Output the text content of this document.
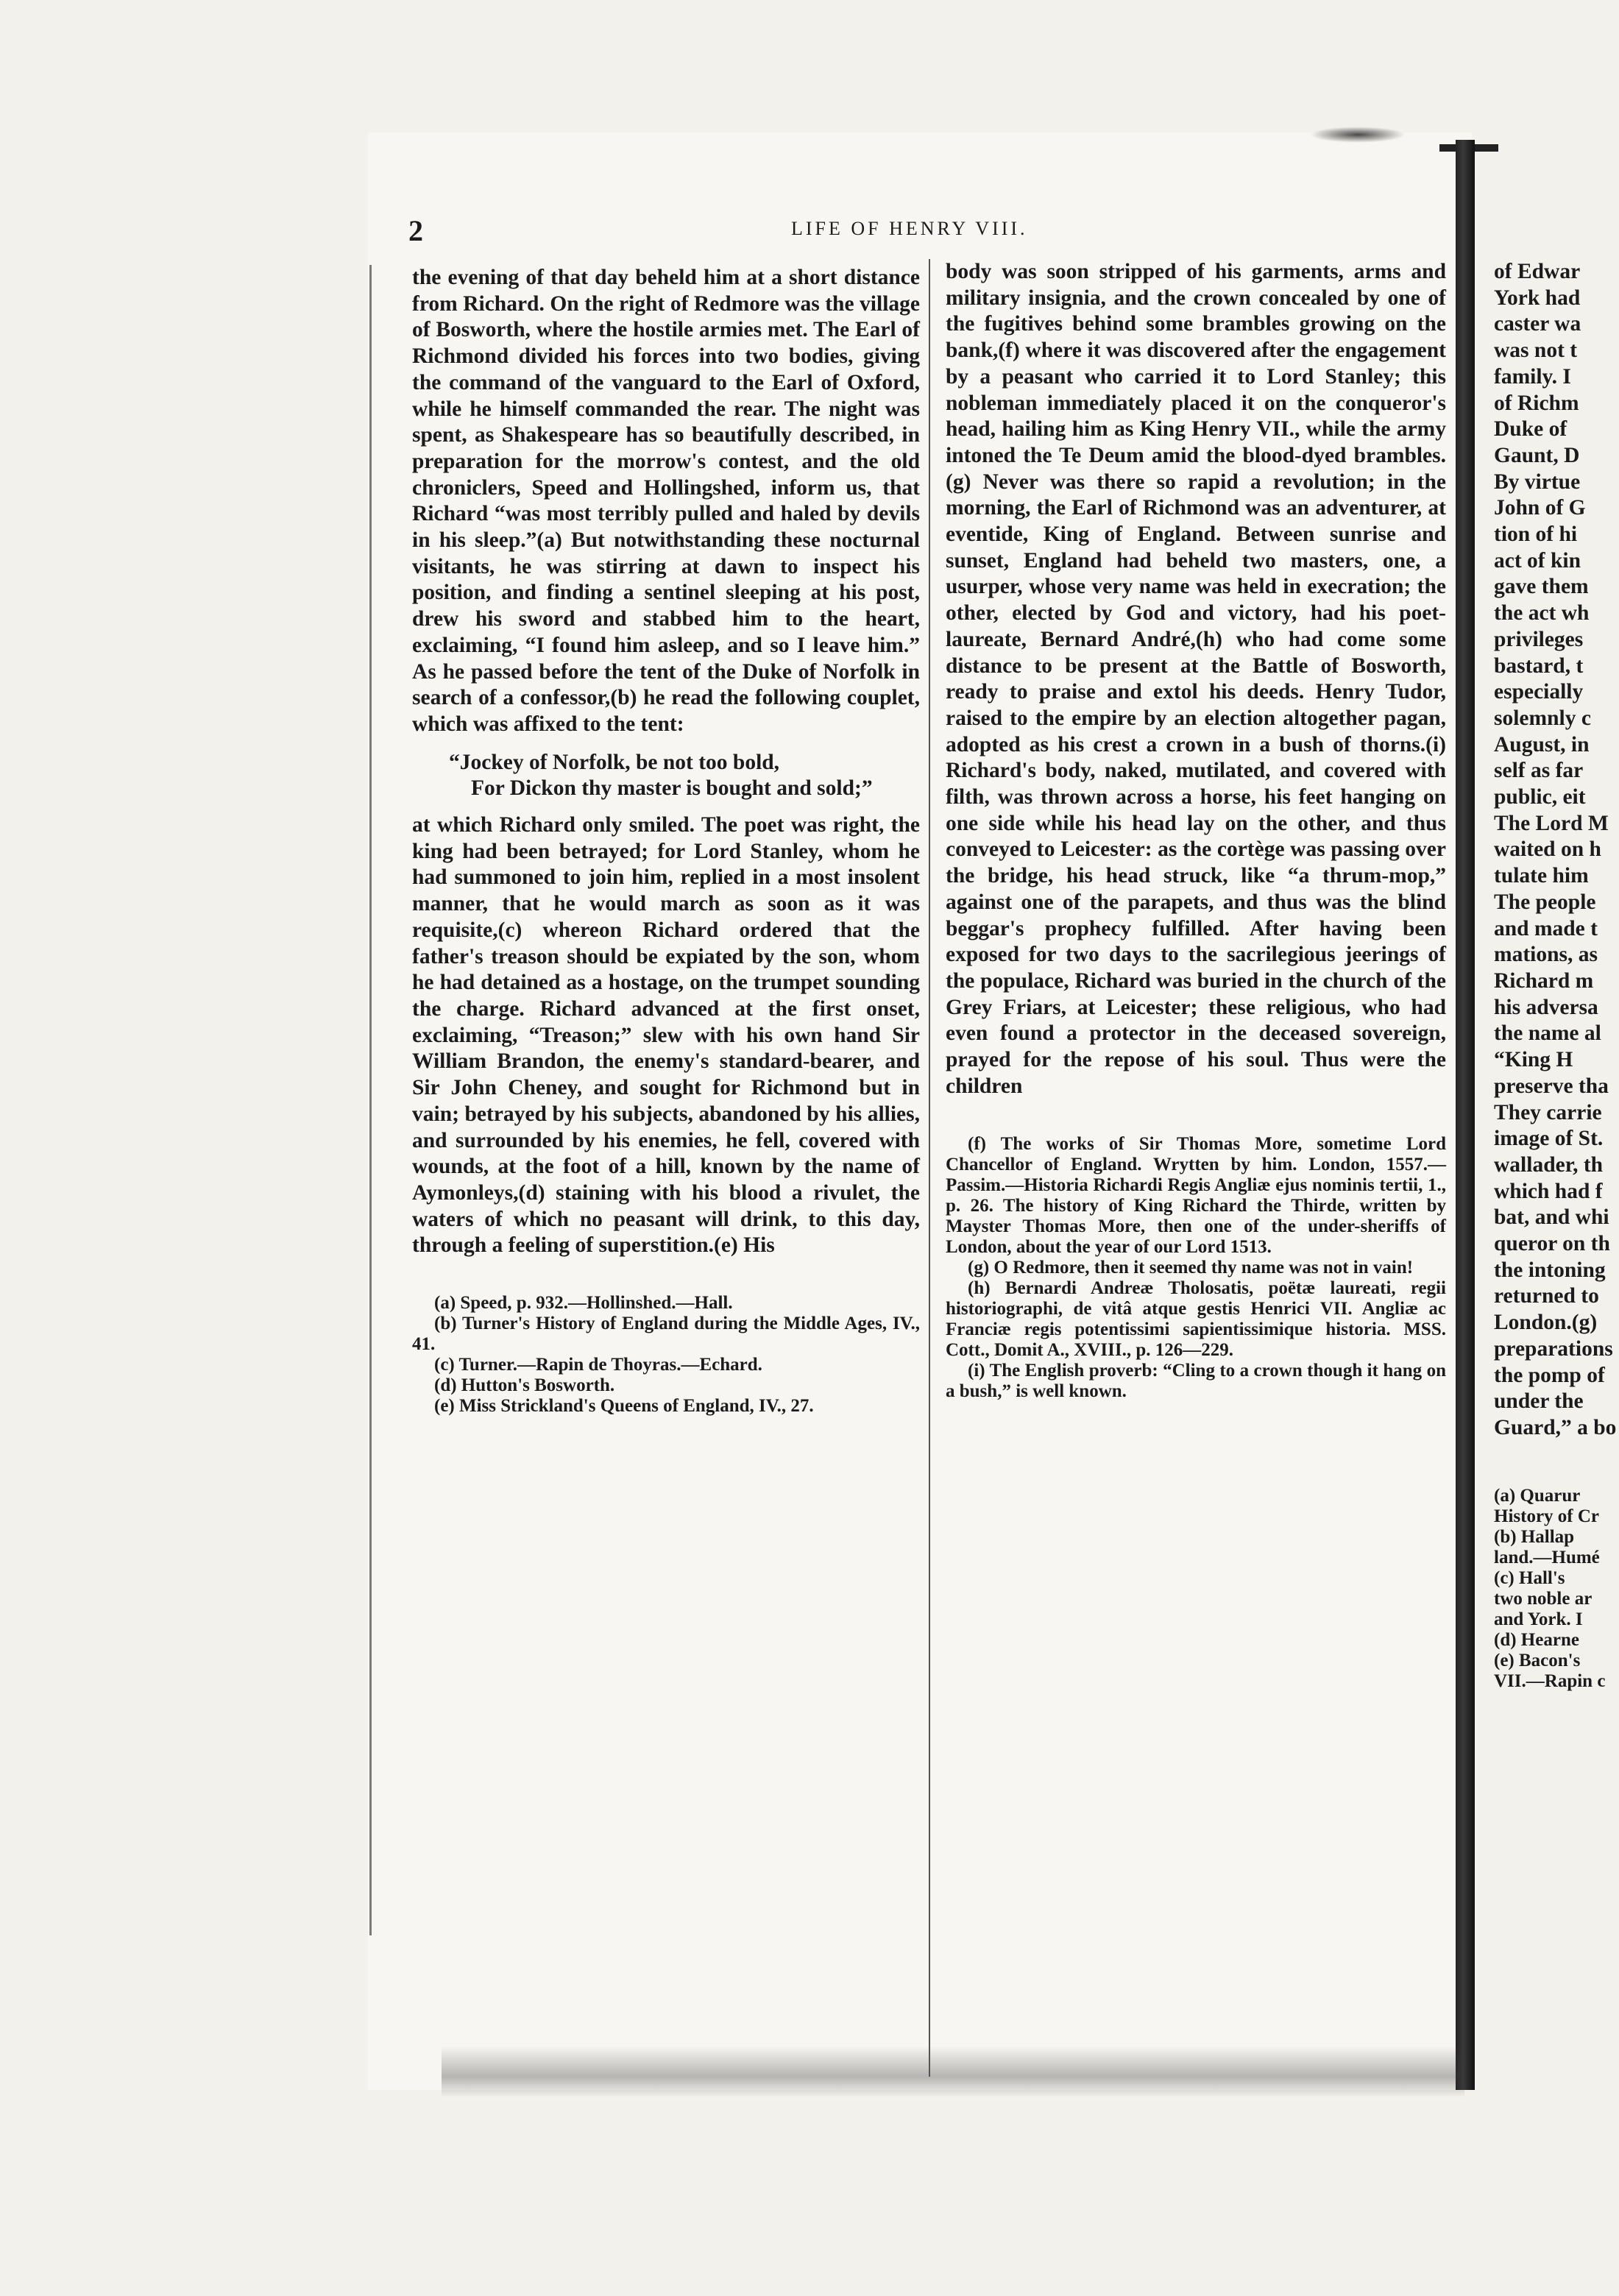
2	LIFE OF HENRY VIII.

the evening of that day beheld him at a short distance from Richard. On the right of Redmore was the village of Bosworth, where the hostile armies met. The Earl of Richmond divided his forces into two bodies, giving the command of the vanguard to the Earl of Oxford, while he himself commanded the rear. The night was spent, as Shakespeare has so beautifully described, in preparation for the morrow's contest, and the old chroniclers, Speed and Hollingshed, inform us, that Richard “was most terribly pulled and haled by devils in his sleep.”(a) But notwithstanding these nocturnal visitants, he was stirring at dawn to inspect his position, and finding a sentinel sleeping at his post, drew his sword and stabbed him to the heart, exclaiming, “I found him asleep, and so I leave him.” As he passed before the tent of the Duke of Norfolk in search of a confessor,(b) he read the following couplet, which was affixed to the tent:

“Jockey of Norfolk, be not too bold,
For Dickon thy master is bought and sold;”

at which Richard only smiled. The poet was right, the king had been betrayed; for Lord Stanley, whom he had summoned to join him, replied in a most insolent manner, that he would march as soon as it was requisite,(c) whereon Richard ordered that the father's treason should be expiated by the son, whom he had detained as a hostage, on the trumpet sounding the charge. Richard advanced at the first onset, exclaiming, “Treason;” slew with his own hand Sir William Brandon, the enemy's standard-bearer, and Sir John Cheney, and sought for Richmond but in vain; betrayed by his subjects, abandoned by his allies, and surrounded by his enemies, he fell, covered with wounds, at the foot of a hill, known by the name of Aymonleys,(d) staining with his blood a rivulet, the waters of which no peasant will drink, to this day, through a feeling of superstition.(e) His

(a) Speed, p. 932.—Hollinshed.—Hall.

(b) Turner's History of England during the Middle Ages, IV., 41.

(c) Turner.—Rapin de Thoyras.—Echard.

(d) Hutton's Bosworth.

(e) Miss Strickland's Queens of England, IV., 27.

body was soon stripped of his garments, arms and military insignia, and the crown concealed by one of the fugitives behind some brambles growing on the bank,(f) where it was discovered after the engagement by a peasant who carried it to Lord Stanley; this nobleman immediately placed it on the conqueror's head, hailing him as King Henry VII., while the army intoned the Te Deum amid the blood-dyed brambles.(g) Never was there so rapid a revolution; in the morning, the Earl of Richmond was an adventurer, at eventide, King of England. Between sunrise and sunset, England had beheld two masters, one, a usurper, whose very name was held in execration; the other, elected by God and victory, had his poet-laureate, Bernard André,(h) who had come some distance to be present at the Battle of Bosworth, ready to praise and extol his deeds. Henry Tudor, raised to the empire by an election altogether pagan, adopted as his crest a crown in a bush of thorns.(i) Richard's body, naked, mutilated, and covered with filth, was thrown across a horse, his feet hanging on one side while his head lay on the other, and thus conveyed to Leicester: as the cortège was passing over the bridge, his head struck, like “a thrum-mop,” against one of the parapets, and thus was the blind beggar's prophecy fulfilled. After having been exposed for two days to the sacrilegious jeerings of the populace, Richard was buried in the church of the Grey Friars, at Leicester; these religious, who had even found a protector in the deceased sovereign, prayed for the repose of his soul. Thus were the children

(f) The works of Sir Thomas More, sometime Lord Chancellor of England. Wrytten by him. London, 1557.—Passim.—Historia Richardi Regis Angliæ ejus nominis tertii, 1., p. 26. The history of King Richard the Thirde, written by Mayster Thomas More, then one of the under-sheriffs of London, about the year of our Lord 1513.

(g) O Redmore, then it seemed thy name was not in vain!

(h) Bernardi Andreæ Tholosatis, poëtæ laureati, regii historiographi, de vitâ atque gestis Henrici VII. Angliæ ac Franciæ regis potentissimi sapientissimique historia. MSS. Cott., Domit A., XVIII., p. 126—229.

(i) The English proverb: “Cling to a crown though it hang on a bush,” is well known.

of Edwar
York had
caster wa
was not t
family. I
of Richm
Duke of
Gaunt, D
By virtue
John of G
tion of hi
act of kin
gave them
the act wh
privileges
bastard, t
especially
solemnly c
August, in
self as far
public, eit
The Lord M
waited on h
tulate him
The people
and made t
mations, as
Richard m
his adversa
the name al
“King H
preserve tha
They carrie
image of St.
wallader, th
which had f
bat, and whi
queror on th
the intoning
returned to
London.(g)
preparations
the pomp of
under the
Guard,” a bo
(a) Quarur
History of Cr
(b) Hallap
land.—Humé
(c) Hall's
two noble ar
and York. I
(d) Hearne
(e) Bacon's
VII.—Rapin c
